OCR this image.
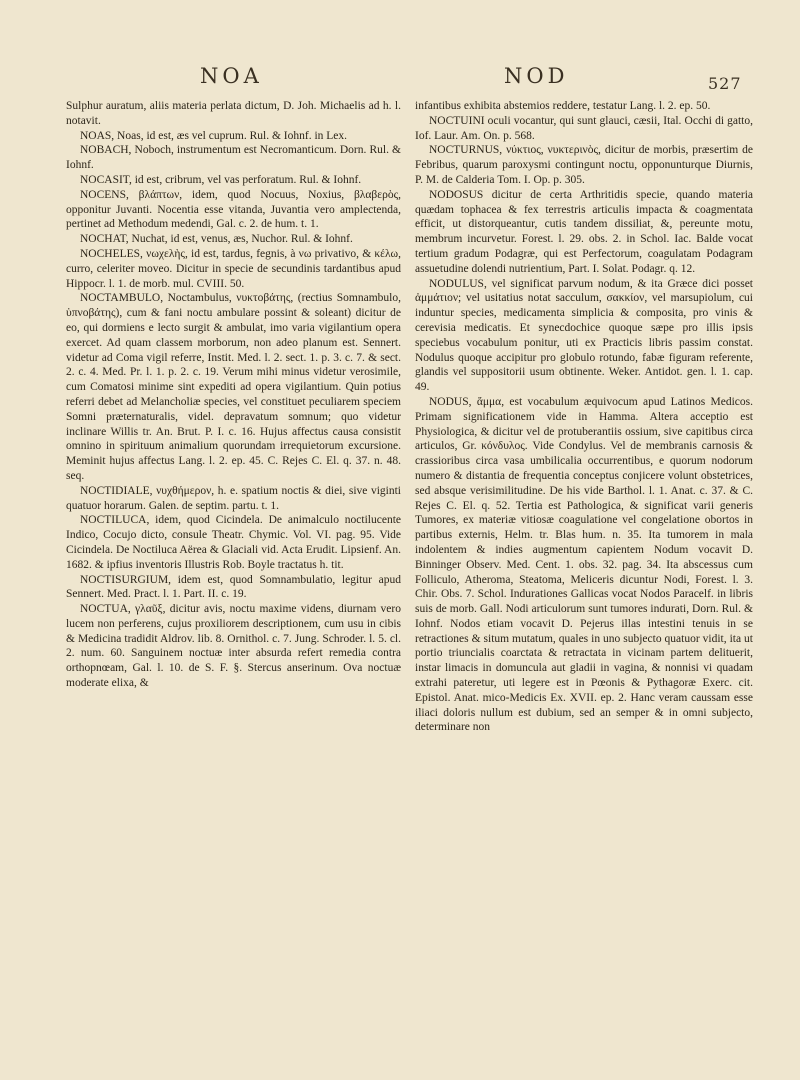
NOA	NOD	527

Sulphur auratum, aliis materia perlata dictum, D. Joh. Michaelis ad h. l. notavit.

NOAS, Noas, id est, æs vel cuprum. Rul. & Iohnf. in Lex.

NOBACH, Noboch, instrumentum est Necromanticum. Dorn. Rul. & Iohnf.

NOCASIT, id est, cribrum, vel vas perforatum. Rul. & Iohnf.

NOCENS, βλάπτων, idem, quod Nocuus, Noxius, βλαβερὸς, opponitur Juvanti. Nocentia esse vitanda, Juvantia vero amplectenda, pertinet ad Methodum medendi, Gal. c. 2. de hum. t. 1.

NOCHAT, Nuchat, id est, venus, æs, Nuchor. Rul. & Iohnf.

NOCHELES, νωχελὴς, id est, tardus, fegnis, à νω privativo, & κέλω, curro, celeriter moveo. Dicitur in specie de secundinis tardantibus apud Hippocr. l. 1. de morb. mul. CVIII. 50.

NOCTAMBULO, Noctambulus, νυκτοβάτης, (rectius Somnambulo, ὑπνοβάτης), cum & fani noctu ambulare possint & soleant) dicitur de eo, qui dormiens e lecto surgit & ambulat, imo varia vigilantium opera exercet. Ad quam classem morborum, non adeo planum est. Sennert. videtur ad Coma vigil referre, Instit. Med. l. 2. sect. 1. p. 3. c. 7. & sect. 2. c. 4. Med. Pr. l. 1. p. 2. c. 19. Verum mihi minus videtur verosimile, cum Comatosi minime sint expediti ad opera vigilantium. Quin potius referri debet ad Melancholiæ species, vel constituet peculiarem speciem Somni præternaturalis, videl. depravatum somnum; quo videtur inclinare Willis tr. An. Brut. P. I. c. 16. Hujus affectus causa consistit omnino in spirituum animalium quorundam irrequietorum excursione. Meminit hujus affectus Lang. l. 2. ep. 45. C. Rejes C. El. q. 37. n. 48. seq.

NOCTIDIALE, νυχθήμερον, h. e. spatium noctis & diei, sive viginti quatuor horarum. Galen. de septim. partu. t. 1.

NOCTILUCA, idem, quod Cicindela. De animalculo noctilucente Indico, Cocujo dicto, consule Theatr. Chymic. Vol. VI. pag. 95. Vide Cicindela. De Noctiluca Aërea & Glaciali vid. Acta Erudit. Lipsienf. An. 1682. & ipfius inventoris Illustris Rob. Boyle tractatus h. tit.

NOCTISURGIUM, idem est, quod Somnambulatio, legitur apud Sennert. Med. Pract. l. 1. Part. II. c. 19.

NOCTUA, γλαῦξ, dicitur avis, noctu maxime videns, diurnam vero lucem non perferens, cujus proxiliorem descriptionem, cum usu in cibis & Medicina tradidit Aldrov. lib. 8. Ornithol. c. 7. Jung. Schroder. l. 5. cl. 2. num. 60. Sanguinem noctuæ inter absurda refert remedia contra orthopnœam, Gal. l. 10. de S. F. §. Stercus anserinum. Ova noctuæ moderate elixa, &

infantibus exhibita abstemios reddere, testatur Lang. l. 2. ep. 50.

NOCTUINI oculi vocantur, qui sunt glauci, cæsii, Ital. Occhi di gatto, Iof. Laur. Am. On. p. 568.

NOCTURNUS, νύκτιος, νυκτερινὸς, dicitur de morbis, præsertim de Febribus, quarum paroxysmi contingunt noctu, opponunturque Diurnis, P. M. de Calderia Tom. I. Op. p. 305.

NODOSUS dicitur de certa Arthritidis specie, quando materia quædam tophacea & fex terrestris articulis impacta & coagmentata efficit, ut distorqueantur, cutis tandem dissiliat, &, pereunte motu, membrum incurvetur. Forest. l. 29. obs. 2. in Schol. Iac. Balde vocat tertium gradum Podagræ, qui est Perfectorum, coagulatam Podagram assuetudine dolendi nutrientium, Part. I. Solat. Podagr. q. 12.

NODULUS, vel significat parvum nodum, & ita Græce dici posset ἀμμάτιον; vel usitatius notat sacculum, σακκίον, vel marsupiolum, cui induntur species, medicamenta simplicia & composita, pro vinis & cerevisia medicatis. Et synecdochice quoque sæpe pro illis ipsis speciebus vocabulum ponitur, uti ex Practicis libris passim constat. Nodulus quoque accipitur pro globulo rotundo, fabæ figuram referente, glandis vel suppositorii usum obtinente. Weker. Antidot. gen. l. 1. cap. 49.

NODUS, ἅμμα, est vocabulum æquivocum apud Latinos Medicos. Primam significationem vide in Hamma. Altera acceptio est Physiologica, & dicitur vel de protuberantiis ossium, sive capitibus circa articulos, Gr. κόνδυλος. Vide Condylus. Vel de membranis carnosis & crassioribus circa vasa umbilicalia occurrentibus, e quorum nodorum numero & distantia de frequentia conceptus conjicere volunt obstetrices, sed absque verisimilitudine. De his vide Barthol. l. 1. Anat. c. 37. & C. Rejes C. El. q. 52. Tertia est Pathologica, & significat varii generis Tumores, ex materiæ vitiosæ coagulatione vel congelatione obortos in partibus externis, Helm. tr. Blas hum. n. 35. Ita tumorem in mala indolentem & indies augmentum capientem Nodum vocavit D. Binninger Observ. Med. Cent. 1. obs. 32. pag. 34. Ita abscessus cum Folliculo, Atheroma, Steatoma, Meliceris dicuntur Nodi, Forest. l. 3. Chir. Obs. 7. Schol. Indurationes Gallicas vocat Nodos Paracelf. in libris suis de morb. Gall. Nodi articulorum sunt tumores indurati, Dorn. Rul. & Iohnf. Nodos etiam vocavit D. Pejerus illas intestini tenuis in se retractiones & situm mutatum, quales in uno subjecto quatuor vidit, ita ut portio triuncialis coarctata & retractata in vicinam partem delituerit, instar limacis in domuncula aut gladii in vagina, & nonnisi vi quadam extrahi pateretur, uti legere est in Pœonis & Pythagoræ Exerc. cit. Epistol. Anat. mico-Medicis Ex. XVII. ep. 2. Hanc veram caussam esse iliaci doloris nullum est dubium, sed an semper & in omni subjecto, determinare non
